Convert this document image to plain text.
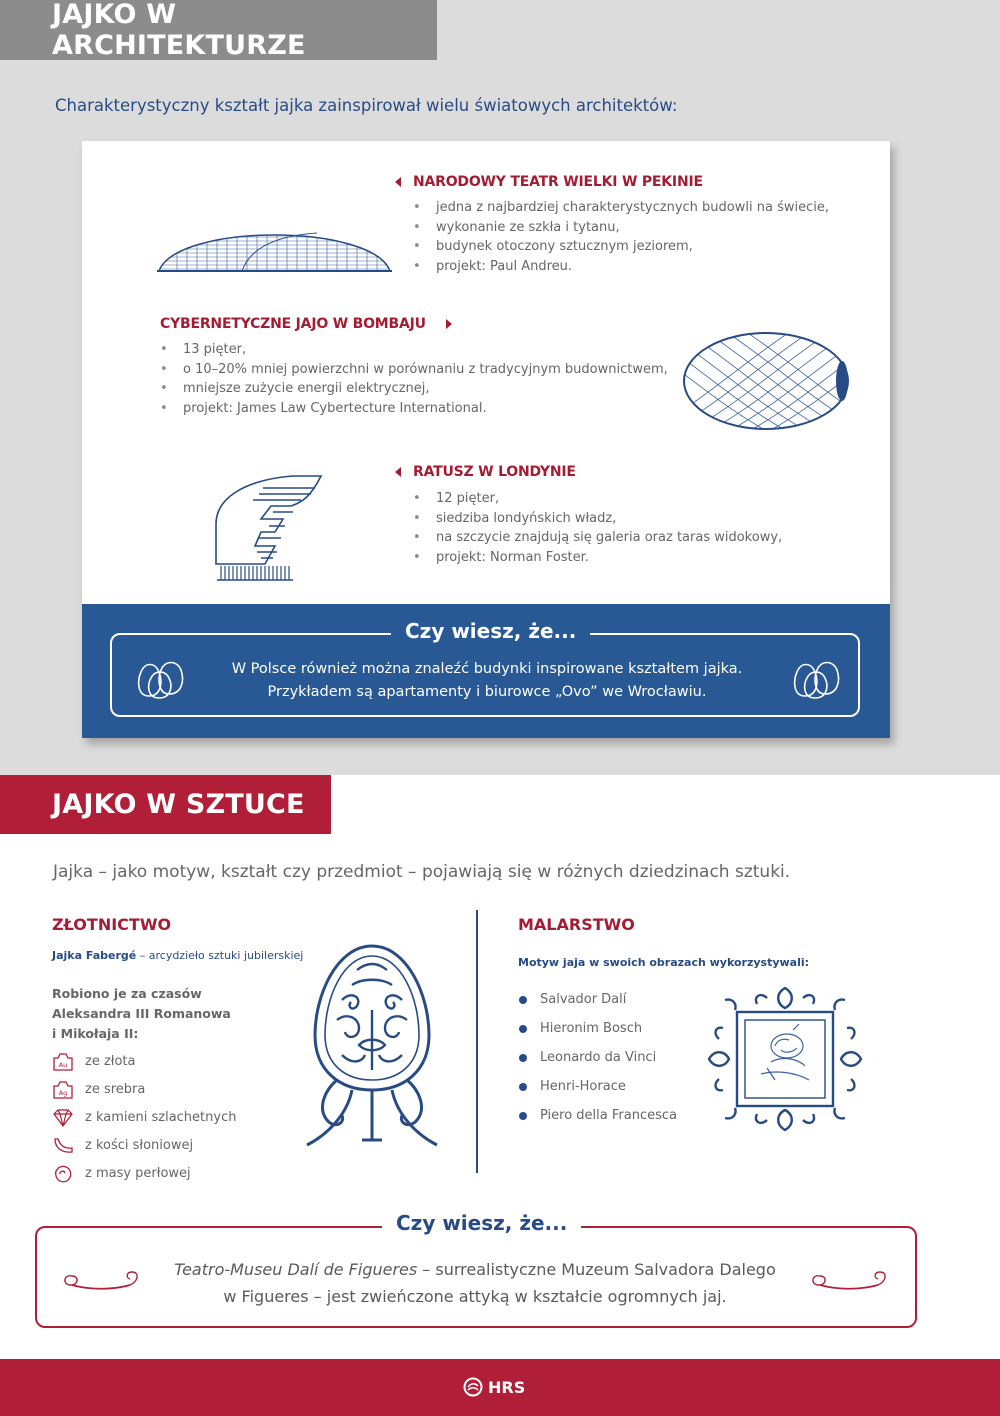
JAJKO W ARCHITEKTURZE
Charakterystyczny kształt jajka zainspirował wielu światowych architektów:
NARODOWY TEATR WIELKI W PEKINIE
• jedna z najbardziej charakterystycznych budowli na świecie,
• wykonanie ze szkła i tytanu,
• budynek otoczony sztucznym jeziorem,
• projekt: Paul Andreu.
CYBERNETYCZNE JAJO W BOMBAJU
• 13 pięter,
• o 10–20% mniej powierzchni w porównaniu z tradycyjnym budownictwem,
• mniejsze zużycie energii elektrycznej,
• projekt: James Law Cybertecture International.
RATUSZ W LONDYNIE
• 12 pięter,
• siedziba londyńskich władz,
• na szczycie znajdują się galeria oraz taras widokowy,
• projekt: Norman Foster.
Czy wiesz, że...
W Polsce również można znaleźć budynki inspirowane kształtem jajka.
Przykładem są apartamenty i biurowce „Ovo” we Wrocławiu.
JAJKO W SZTUCE
Jajka – jako motyw, kształt czy przedmiot – pojawiają się w różnych dziedzinach sztuki.
ZŁOTNICTWO
Jajka Fabergé – arcydzieło sztuki jubilerskiej
Robiono je za czasów
Aleksandra III Romanowa
i Mikołaja II:
Au ze złota
Ag ze srebra
z kamieni szlachetnych
z kości słoniowej
z masy perłowej
MALARSTWO
Motyw jaja w swoich obrazach wykorzystywali:
Salvador Dalí
Hieronim Bosch
Leonardo da Vinci
Henri-Horace
Piero della Francesca
Czy wiesz, że...
Teatro-Museu Dalí de Figueres – surrealistyczne Muzeum Salvadora Dalego
w Figueres – jest zwieńczone attyką w kształcie ogromnych jaj.
HRS
